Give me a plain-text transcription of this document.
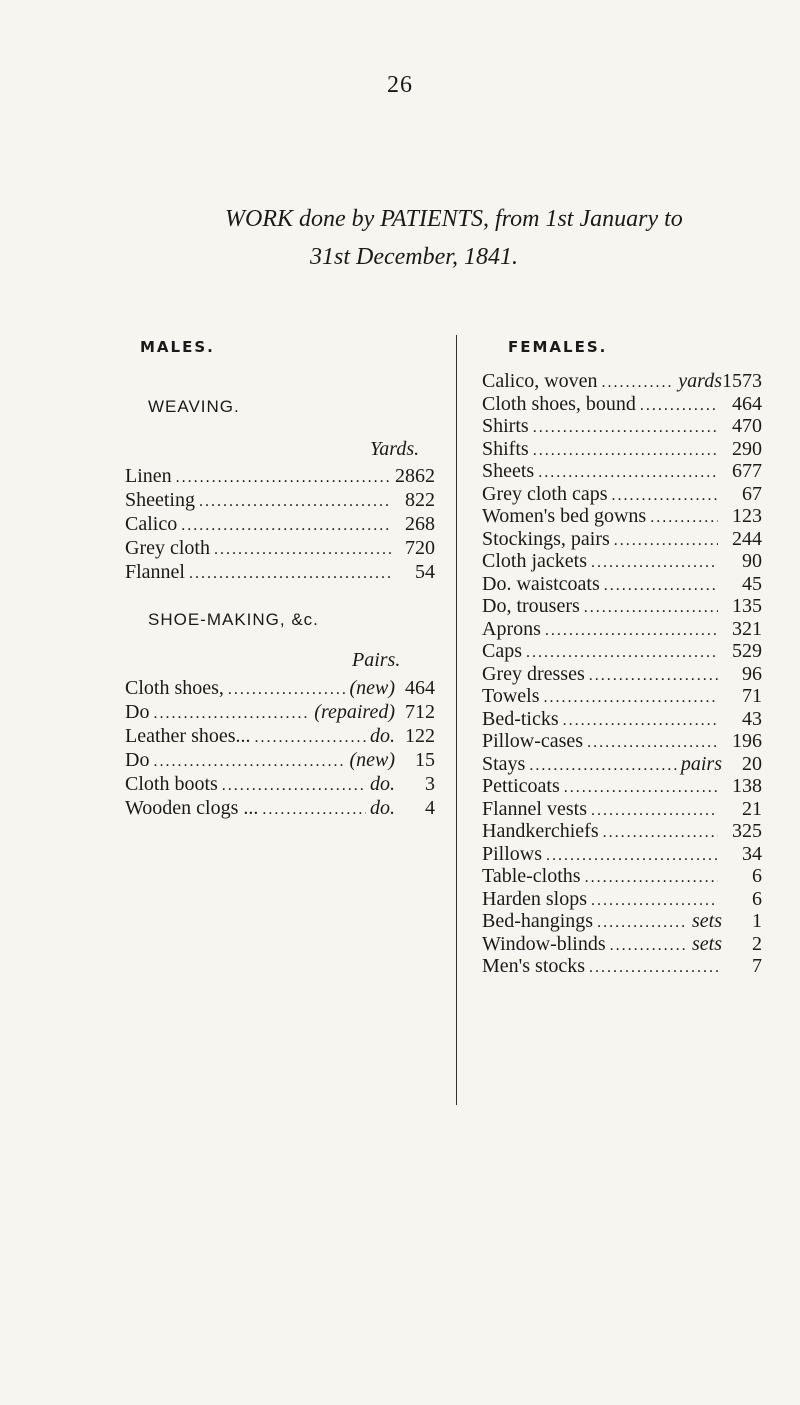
26
WORK done by PATIENTS, from 1st January to
31st December, 1841.
MALES.	FEMALES.
WEAVING.
Yards.
Linen .....	2862
Sheeting .....	822
Calico .....	268
Grey cloth .....	720
Flannel .....	54
SHOE-MAKING, &c.
Pairs.
Cloth shoes, .....	(new) 464
Do .....	(repaired) 712
Leather shoes... .....	do. 122
Do .....	(new)	15
Cloth boots .....	do.	3
Wooden clogs ... .....	do.	4
Calico, woven .....	yards 1573
Cloth shoes, bound .....	464
Shirts .....	470
Shifts .....	290
Sheets .....	677
Grey cloth caps .....	67
Women's bed gowns .....	123
Stockings, pairs .....	244
Cloth jackets .....	90
Do. waistcoats .....	45
Do, trousers .....	135
Aprons .....	321
Caps .....	529
Grey dresses .....	96
Towels .....	71
Bed-ticks .....	43
Pillow-cases .....	196
Stays .....	pairs	20
Petticoats .....	138
Flannel vests .....	21
Handkerchiefs .....	325
Pillows .....	34
Table-cloths .....	6
Harden slops .....	6
Bed-hangings .....	sets	1
Window-blinds .....	sets	2
Men's stocks .....	7
